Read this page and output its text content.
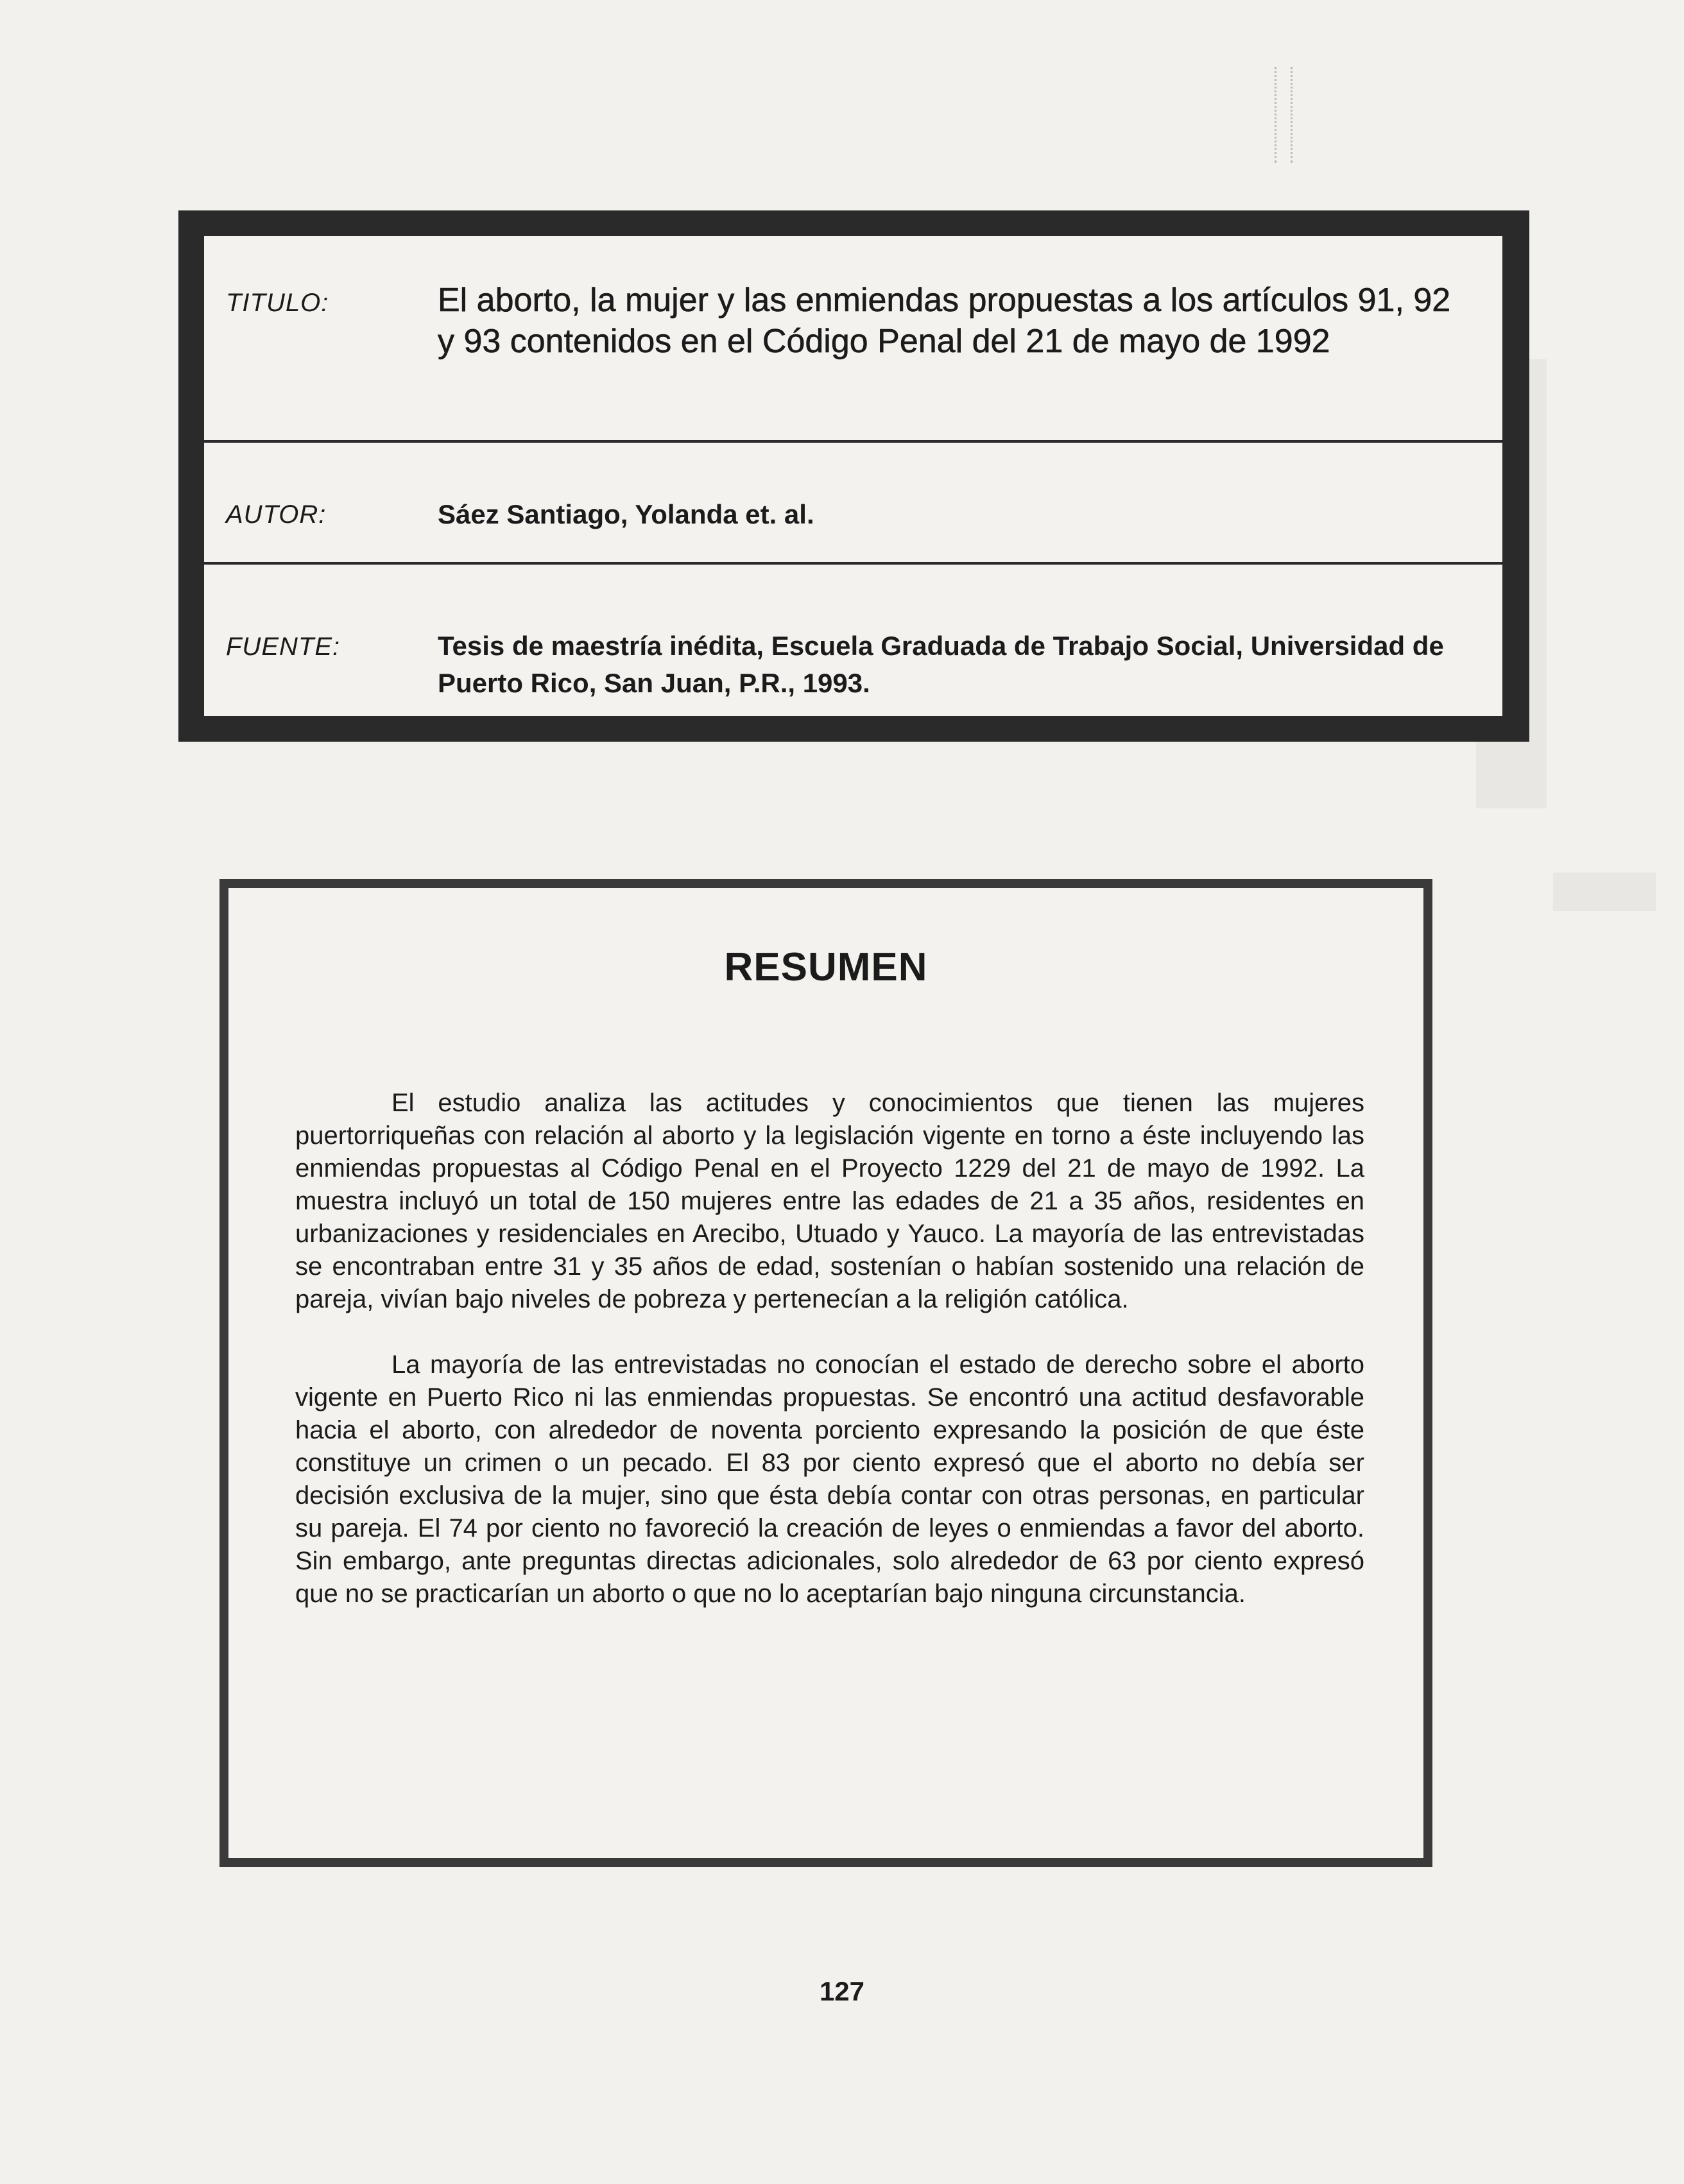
TITULO:	El aborto, la mujer y las enmiendas propuestas a los artículos 91, 92 y 93 contenidos en el Código Penal del 21 de mayo de 1992
AUTOR:	Sáez Santiago, Yolanda et. al.
FUENTE:	Tesis de maestría inédita, Escuela Graduada de Trabajo Social, Universidad de Puerto Rico, San Juan, P.R., 1993.
RESUMEN

El estudio analiza las actitudes y conocimientos que tienen las mujeres puertorriqueñas con relación al aborto y la legislación vigente en torno a éste incluyendo las enmiendas propuestas al Código Penal en el Proyecto 1229 del 21 de mayo de 1992. La muestra incluyó un total de 150 mujeres entre las edades de 21 a 35 años, residentes en urbanizaciones y residenciales en Arecibo, Utuado y Yauco. La mayoría de las entrevistadas se encontraban entre 31 y 35 años de edad, sostenían o habían sostenido una relación de pareja, vivían bajo niveles de pobreza y pertenecían a la religión católica.

La mayoría de las entrevistadas no conocían el estado de derecho sobre el aborto vigente en Puerto Rico ni las enmiendas propuestas. Se encontró una actitud desfavorable hacia el aborto, con alrededor de noventa porciento expresando la posición de que éste constituye un crimen o un pecado. El 83 por ciento expresó que el aborto no debía ser decisión exclusiva de la mujer, sino que ésta debía contar con otras personas, en particular su pareja. El 74 por ciento no favoreció la creación de leyes o enmiendas a favor del aborto. Sin embargo, ante preguntas directas adicionales, solo alrededor de 63 por ciento expresó que no se practicarían un aborto o que no lo aceptarían bajo ninguna circunstancia.

127
